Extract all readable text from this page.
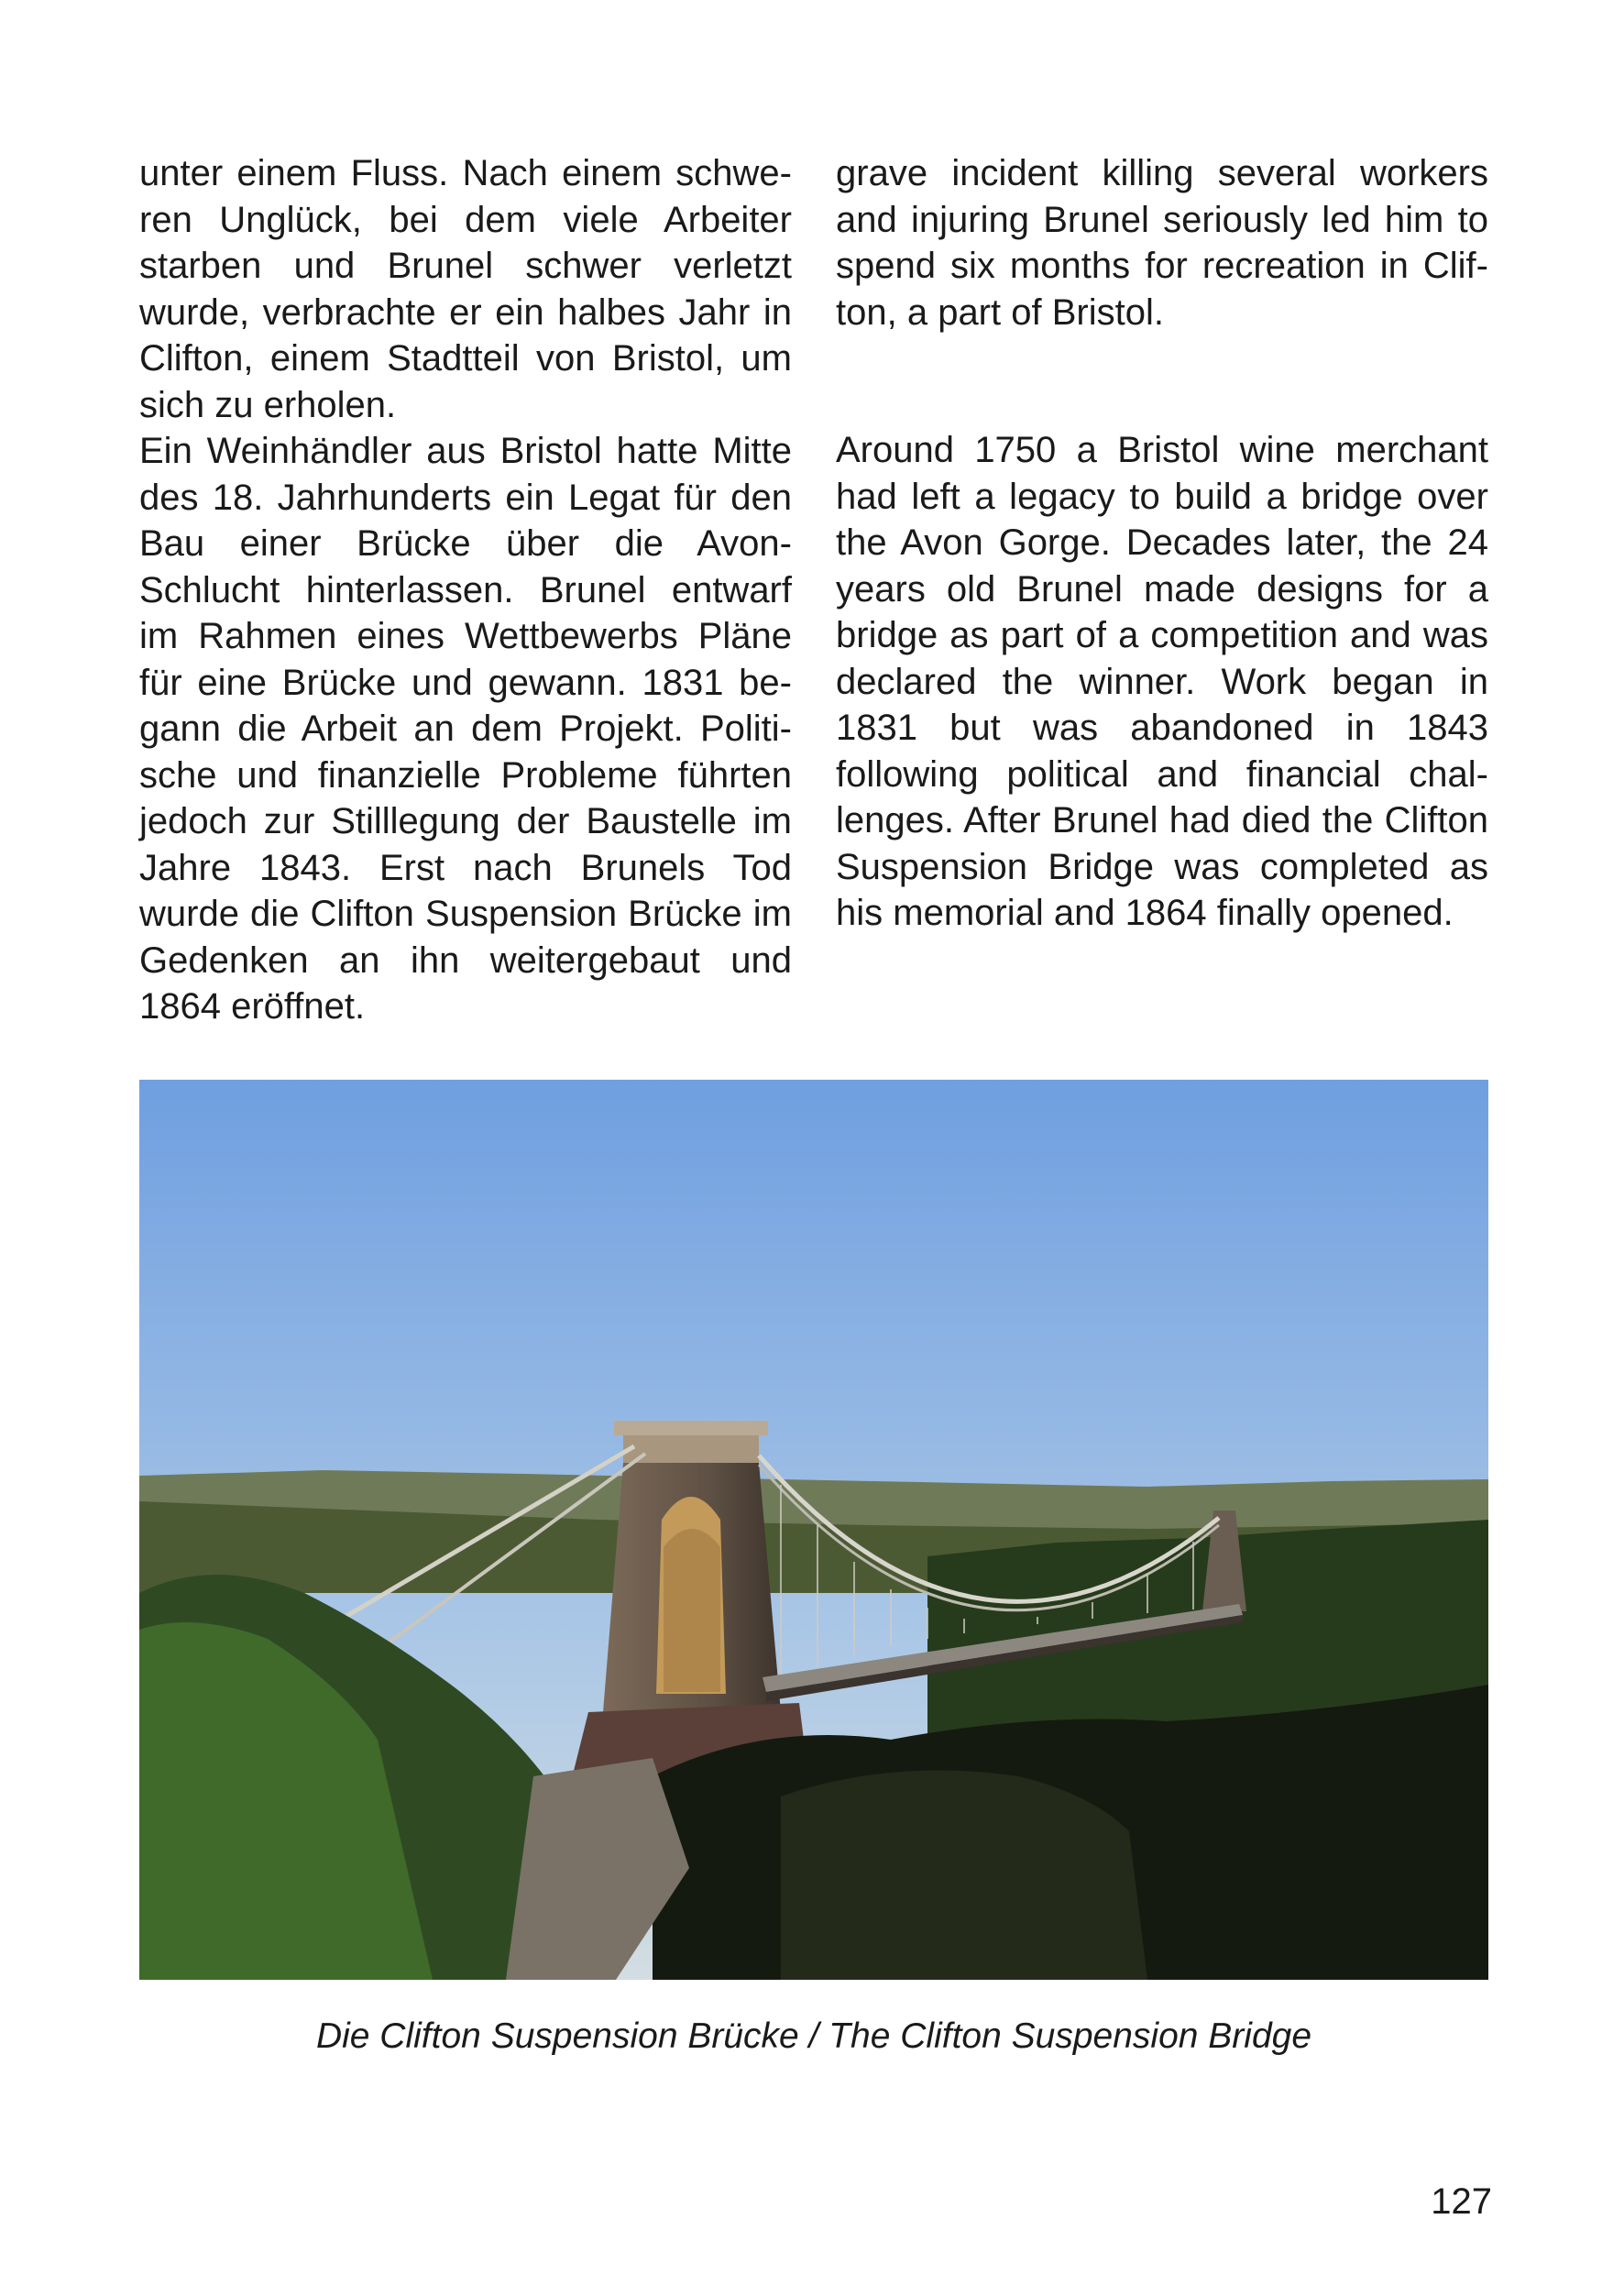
unter einem Fluss. Nach einem schweren Unglück, bei dem viele Arbeiter starben und Brunel schwer verletzt wurde, verbrachte er ein halbes Jahr in Clifton, einem Stadtteil von Bristol, um sich zu erholen.

Ein Weinhändler aus Bristol hatte Mitte des 18. Jahrhunderts ein Legat für den Bau einer Brücke über die Avon-Schlucht hinterlassen. Brunel entwarf im Rahmen eines Wettbewerbs Pläne für eine Brücke und gewann. 1831 begann die Arbeit an dem Projekt. Politische und finanzielle Probleme führten jedoch zur Stilllegung der Baustelle im Jahre 1843. Erst nach Brunels Tod wurde die Clifton Suspension Brücke im Gedenken an ihn weitergebaut und 1864 eröffnet.

grave incident killing several workers and injuring Brunel seriously led him to spend six months for recreation in Clifton, a part of Bristol.

Around 1750 a Bristol wine merchant had left a legacy to build a bridge over the Avon Gorge. Decades later, the 24 years old Brunel made designs for a bridge as part of a competition and was declared the winner. Work began in 1831 but was abandoned in 1843 following political and financial challenges. After Brunel had died the Clifton Suspension Bridge was completed as his memorial and 1864 finally opened.

Die Clifton Suspension Brücke / The Clifton Suspension Bridge
127
